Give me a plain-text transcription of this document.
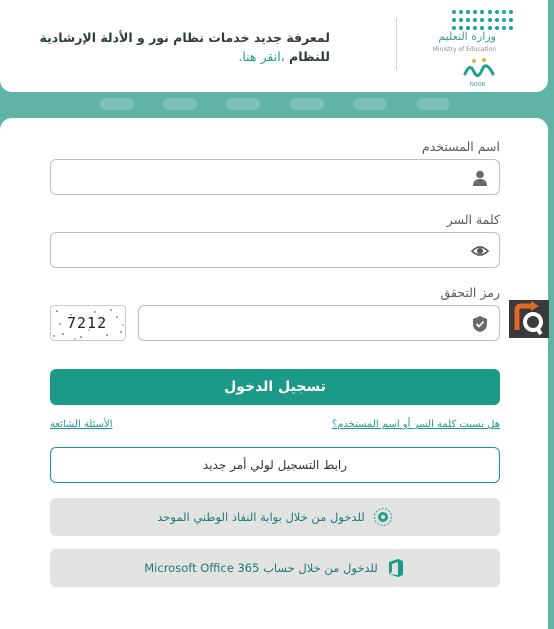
وزارة التعليم
Ministry of Education
NOOR
لمعرفة جديد خدمات نظام نور و الأدلة الإرشادية
للنظام ،انقر هنا.
اسم المستخدم
كلمة السر
رمز التحقق
7212
تسجيل الدخول
هل نسيت كلمة السر أو اسم المستخدم؟
الأسئلة الشائعة
رابط التسجيل لولي أمر جديد
للدخول من خلال بوابة النفاذ الوطني الموحد
للدخول من خلال حساب Microsoft Office 365
